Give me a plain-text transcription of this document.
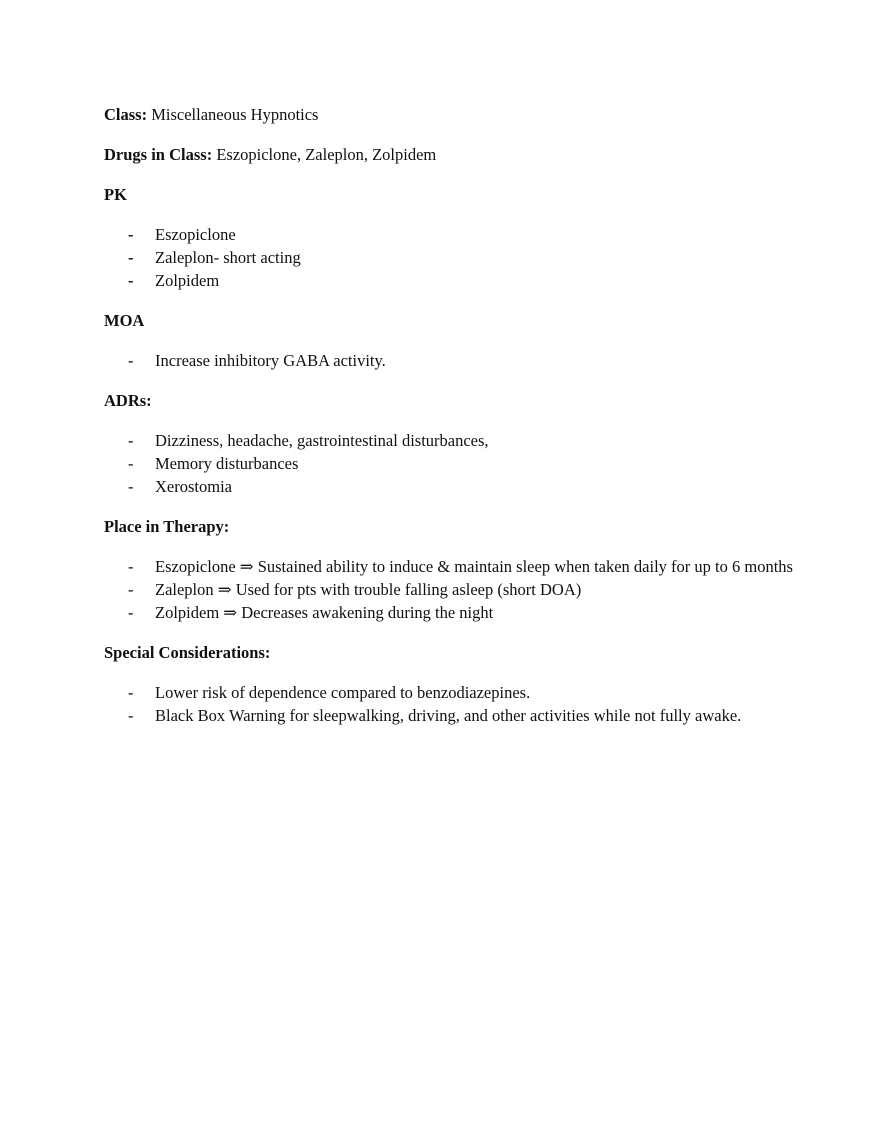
Class: Miscellaneous Hypnotics

Drugs in Class: Eszopiclone, Zaleplon, Zolpidem

PK

- Eszopiclone
- Zaleplon- short acting
- Zolpidem

MOA

- Increase inhibitory GABA activity.

ADRs:

- Dizziness, headache, gastrointestinal disturbances,
- Memory disturbances
- Xerostomia

Place in Therapy:

- Eszopiclone ⇒ Sustained ability to induce & maintain sleep when taken daily for up to 6 months
- Zaleplon ⇒ Used for pts with trouble falling asleep (short DOA)
- Zolpidem ⇒ Decreases awakening during the night

Special Considerations:

- Lower risk of dependence compared to benzodiazepines.
- Black Box Warning for sleepwalking, driving, and other activities while not fully awake.
